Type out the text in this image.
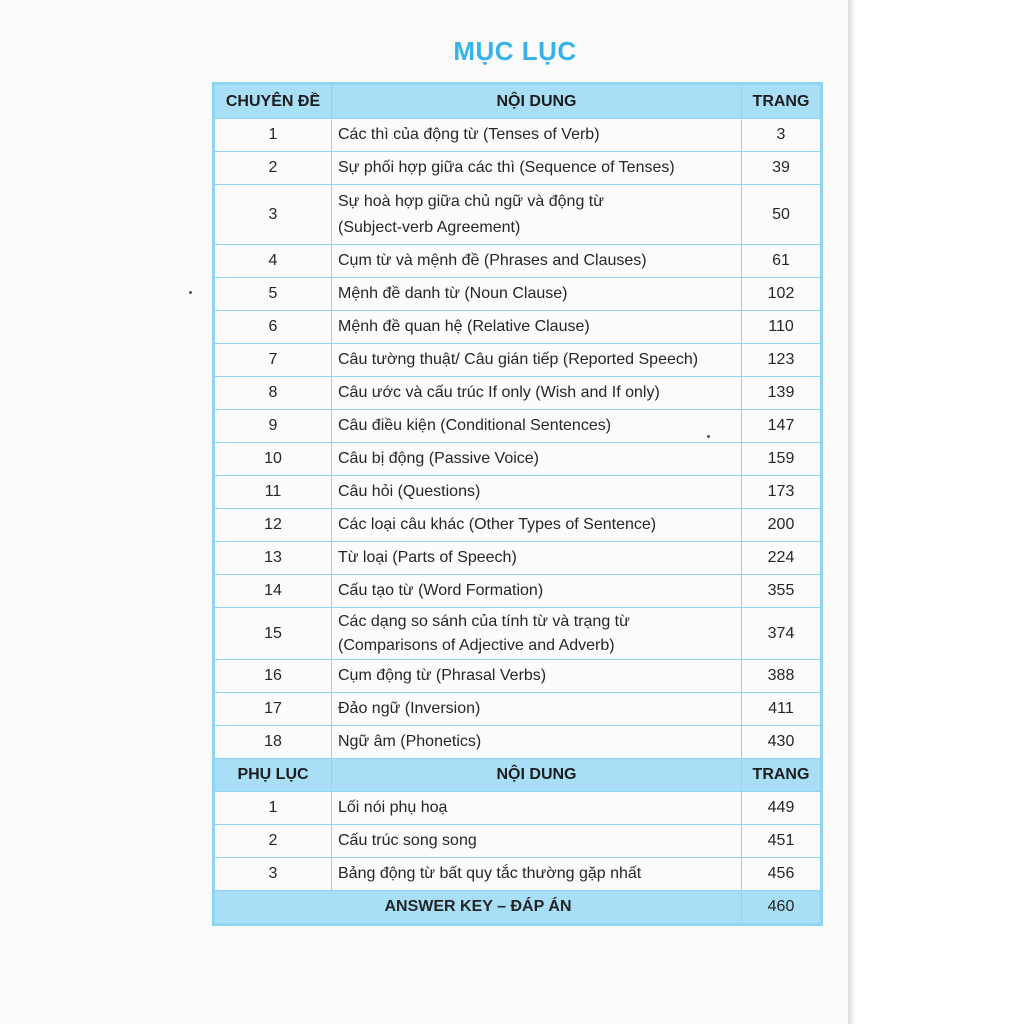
MỤC LỤC
CHUYÊN ĐỀ	NỘI DUNG	TRANG
1	Các thì của động từ (Tenses of Verb)	3
2	Sự phối hợp giữa các thì (Sequence of Tenses)	39
3	Sự hoà hợp giữa chủ ngữ và động từ
(Subject-verb Agreement)	50
4	Cụm từ và mệnh đề (Phrases and Clauses)	61
5	Mệnh đề danh từ (Noun Clause)	102
6	Mệnh đề quan hệ (Relative Clause)	110
7	Câu tường thuật/ Câu gián tiếp (Reported Speech)	123
8	Câu ước và cấu trúc If only (Wish and If only)	139
9	Câu điều kiện (Conditional Sentences)	147
10	Câu bị động (Passive Voice)	159
11	Câu hỏi (Questions)	173
12	Các loại câu khác (Other Types of Sentence)	200
13	Từ loại (Parts of Speech)	224
14	Cấu tạo từ (Word Formation)	355
15	Các dạng so sánh của tính từ và trạng từ
(Comparisons of Adjective and Adverb)	374
16	Cụm động từ (Phrasal Verbs)	388
17	Đảo ngữ (Inversion)	411
18	Ngữ âm (Phonetics)	430
PHỤ LỤC	NỘI DUNG	TRANG
1	Lối nói phụ hoạ	449
2	Cấu trúc song song	451
3	Bảng động từ bất quy tắc thường gặp nhất	456
ANSWER KEY – ĐÁP ÁN		460
